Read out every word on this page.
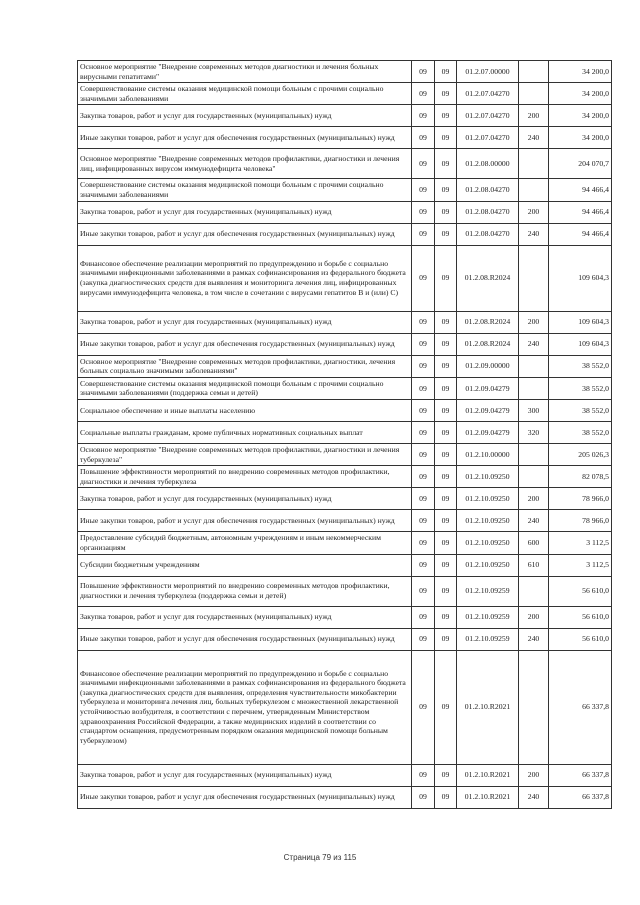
Основное мероприятие "Внедрение современных методов диагностики и лечения больных вирусными гепатитами"	09	09	01.2.07.00000		34 200,0
Совершенствование системы оказания медицинской помощи больным с прочими социально значимыми заболеваниями	09	09	01.2.07.04270		34 200,0
Закупка товаров, работ и услуг для государственных (муниципальных) нужд	09	09	01.2.07.04270	200	34 200,0
Иные закупки товаров, работ и услуг для обеспечения государственных (муниципальных) нужд	09	09	01.2.07.04270	240	34 200,0
Основное мероприятие "Внедрение современных методов профилактики, диагностики и лечения лиц, инфицированных вирусом иммунодефицита человека"	09	09	01.2.08.00000		204 070,7
Совершенствование системы оказания медицинской помощи больным с прочими социально значимыми заболеваниями	09	09	01.2.08.04270		94 466,4
Закупка товаров, работ и услуг для государственных (муниципальных) нужд	09	09	01.2.08.04270	200	94 466,4
Иные закупки товаров, работ и услуг для обеспечения государственных (муниципальных) нужд	09	09	01.2.08.04270	240	94 466,4
Финансовое обеспечение реализации мероприятий по предупреждению и борьбе с социально значимыми инфекционными заболеваниями в рамках софинансирования из федерального бюджета (закупка диагностических средств для выявления и мониторинга лечения лиц, инфицированных вирусами иммунодефицита человека, в том числе в сочетании с вирусами гепатитов В и (или) С)	09	09	01.2.08.R2024		109 604,3
Закупка товаров, работ и услуг для государственных (муниципальных) нужд	09	09	01.2.08.R2024	200	109 604,3
Иные закупки товаров, работ и услуг для обеспечения государственных (муниципальных) нужд	09	09	01.2.08.R2024	240	109 604,3
Основное мероприятие "Внедрение современных методов профилактики, диагностики, лечения больных социально значимыми заболеваниями"	09	09	01.2.09.00000		38 552,0
Совершенствование системы оказания медицинской помощи больным с прочими социально значимыми заболеваниями (поддержка семьи и детей)	09	09	01.2.09.04279		38 552,0
Социальное обеспечение и иные выплаты населению	09	09	01.2.09.04279	300	38 552,0
Социальные выплаты гражданам, кроме публичных нормативных социальных выплат	09	09	01.2.09.04279	320	38 552,0
Основное мероприятие "Внедрение современных методов профилактики, диагностики и лечения туберкулеза"	09	09	01.2.10.00000		205 026,3
Повышение эффективности мероприятий по внедрению современных методов профилактики, диагностики и лечения туберкулеза	09	09	01.2.10.09250		82 078,5
Закупка товаров, работ и услуг для государственных (муниципальных) нужд	09	09	01.2.10.09250	200	78 966,0
Иные закупки товаров, работ и услуг для обеспечения государственных (муниципальных) нужд	09	09	01.2.10.09250	240	78 966,0
Предоставление субсидий бюджетным, автономным учреждениям и иным некоммерческим организациям	09	09	01.2.10.09250	600	3 112,5
Субсидии бюджетным учреждениям	09	09	01.2.10.09250	610	3 112,5
Повышение эффективности мероприятий по внедрению современных методов профилактики, диагностики и лечения туберкулеза (поддержка семьи и детей)	09	09	01.2.10.09259		56 610,0
Закупка товаров, работ и услуг для государственных (муниципальных) нужд	09	09	01.2.10.09259	200	56 610,0
Иные закупки товаров, работ и услуг для обеспечения государственных (муниципальных) нужд	09	09	01.2.10.09259	240	56 610,0
Финансовое обеспечение реализации мероприятий по предупреждению и борьбе с социально значимыми инфекционными заболеваниями в рамках софинансирования из федерального бюджета (закупка диагностических средств для выявления, определения чувствительности микобактерии туберкулеза и мониторинга лечения лиц, больных туберкулезом с множественной лекарственной устойчивостью возбудителя, в соответствии с перечнем, утвержденным Министерством здравоохранения Российской Федерации, а также медицинских изделий в соответствии со стандартом оснащения, предусмотренным порядком оказания медицинской помощи больным туберкулезом)	09	09	01.2.10.R2021		66 337,8
Закупка товаров, работ и услуг для государственных (муниципальных) нужд	09	09	01.2.10.R2021	200	66 337,8
Иные закупки товаров, работ и услуг для обеспечения государственных (муниципальных) нужд	09	09	01.2.10.R2021	240	66 337,8
Страница 79 из 115
